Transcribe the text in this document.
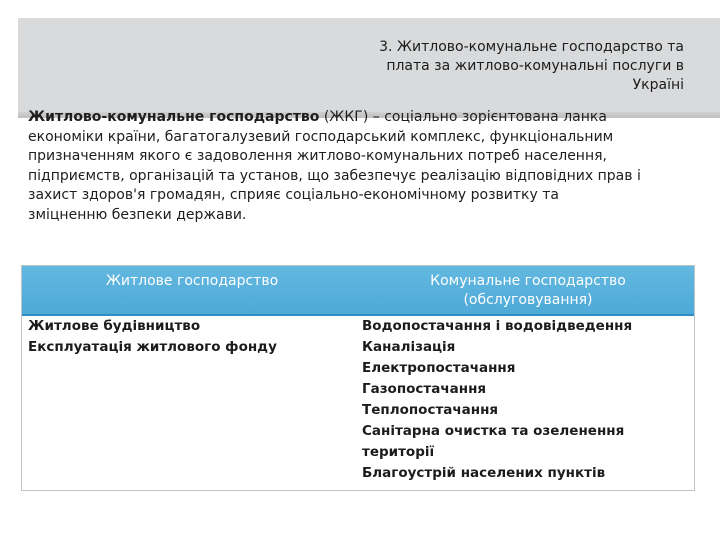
3. Житлово-комунальне господарство та
плата за житлово-комунальні послуги в
Україні
Житлово-комунальне господарство (ЖКГ) – соціально зорієнтована ланка
економіки країни, багатогалузевий господарський комплекс, функціональним
призначенням якого є задоволення житлово-комунальних потреб населення,
підприємств, організацій та установ, що забезпечує реалізацію відповідних прав і
захист здоров'я громадян, сприяє соціально-економічному розвитку та
зміцненню безпеки держави.
Житлове господарство	Комунальне господарство
(обслуговування)
Житлове будівництво
Експлуатація житлового фонду
Водопостачання і водовідведення
Каналізація
Електропостачання
Газопостачання
Теплопостачання
Санітарна очистка та озеленення
території
Благоустрій населених пунктів
